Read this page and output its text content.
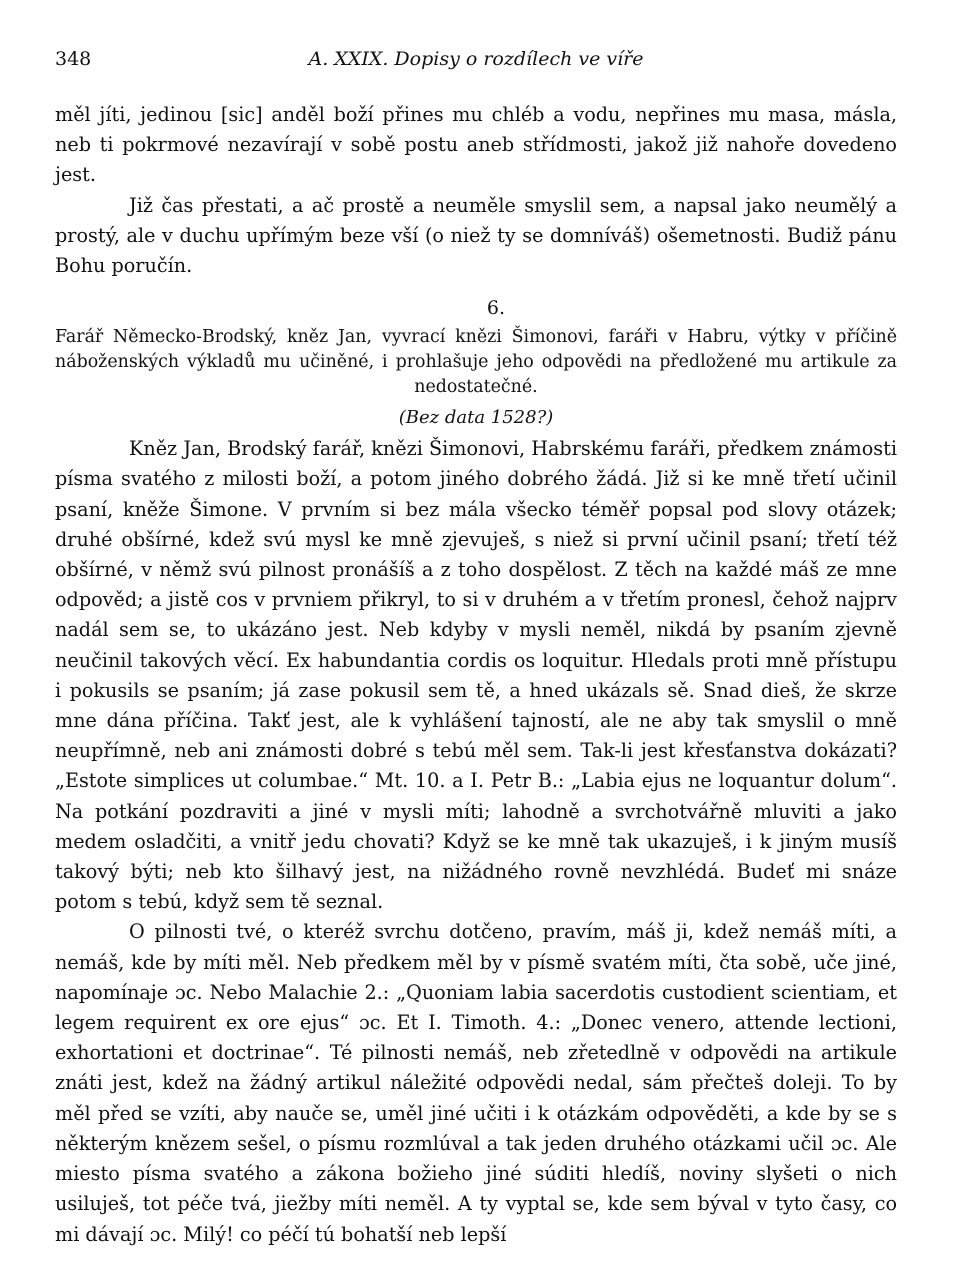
348	A. XXIX. Dopisy o rozdílech ve víře

měl jíti, jedinou [sic] anděl boží přines mu chléb a vodu, nepřines mu masa, másla, neb ti pokrmové nezavírají v sobě postu aneb střídmosti, jakož již nahoře dovedeno jest.

Již čas přestati, a ač prostě a neuměle smyslil sem, a napsal jako neumělý a prostý, ale v duchu upřímým beze vší (o niež ty se domníváš) ošemetnosti. Budiž pánu Bohu poručín.

6.

Farář Německo-Brodský, kněz Jan, vyvrací knězi Šimonovi, faráři v Habru, výtky v příčině náboženských výkladů mu učiněné, i prohlašuje jeho odpovědi na předložené mu artikule za nedostatečné.

(Bez data 1528?)

Kněz Jan, Brodský farář, knězi Šimonovi, Habrskému faráři, předkem známosti písma svatého z milosti boží, a potom jiného dobrého žádá. Již si ke mně třetí učinil psaní, kněže Šimone. V prvním si bez mála všecko téměř popsal pod slovy otázek; druhé obšírné, kdež svú mysl ke mně zjevuješ, s niež si první učinil psaní; třetí též obšírné, v němž svú pilnost pronášíš a z toho dospělost. Z těch na každé máš ze mne odpověd; a jistě cos v prvniem přikryl, to si v druhém a v třetím pronesl, čehož najprv nadál sem se, to ukázáno jest. Neb kdyby v mysli neměl, nikdá by psaním zjevně neučinil takových věcí. Ex habundantia cordis os loquitur. Hledals proti mně přístupu i pokusils se psaním; já zase pokusil sem tě, a hned ukázals sě. Snad dieš, že skrze mne dána příčina. Takť jest, ale k vyhlášení tajností, ale ne aby tak smyslil o mně neupřímně, neb ani známosti dobré s tebú měl sem. Tak-li jest křesťanstva dokázati? „Estote simplices ut columbae.“ Mt. 10. a I. Petr B.: „Labia ejus ne loquantur dolum“. Na potkání pozdraviti a jiné v mysli míti; lahodně a svrchotvářně mluviti a jako medem osladčiti, a vnitř jedu chovati? Když se ke mně tak ukazuješ, i k jiným musíš takový býti; neb kto šilhavý jest, na nižádného rovně nevzhlédá. Budeť mi snáze potom s tebú, když sem tě seznal.

O pilnosti tvé, o kteréž svrchu dotčeno, pravím, máš ji, kdež nemáš míti, a nemáš, kde by míti měl. Neb předkem měl by v písmě svatém míti, čta sobě, uče jiné, napomínaje ɔc. Nebo Malachie 2.: „Quoniam labia sacerdotis custodient scientiam, et legem requirent ex ore ejus“ ɔc. Et I. Timoth. 4.: „Donec venero, attende lectioni, exhortationi et doctrinae“. Té pilnosti nemáš, neb zřetedlně v odpovědi na artikule znáti jest, kdež na žádný artikul náležité odpovědi nedal, sám přečteš doleji. To by měl před se vzíti, aby nauče se, uměl jiné učiti i k otázkám odpověděti, a kde by se s některým knězem sešel, o písmu rozmlúval a tak jeden druhého otázkami učil ɔc. Ale miesto písma svatého a zákona božieho jiné súditi hledíš, noviny slyšeti o nich usiluješ, tot péče tvá, jiežby míti neměl. A ty vyptal se, kde sem býval v tyto časy, co mi dávají ɔc. Milý! co péčí tú bohatší neb lepší
